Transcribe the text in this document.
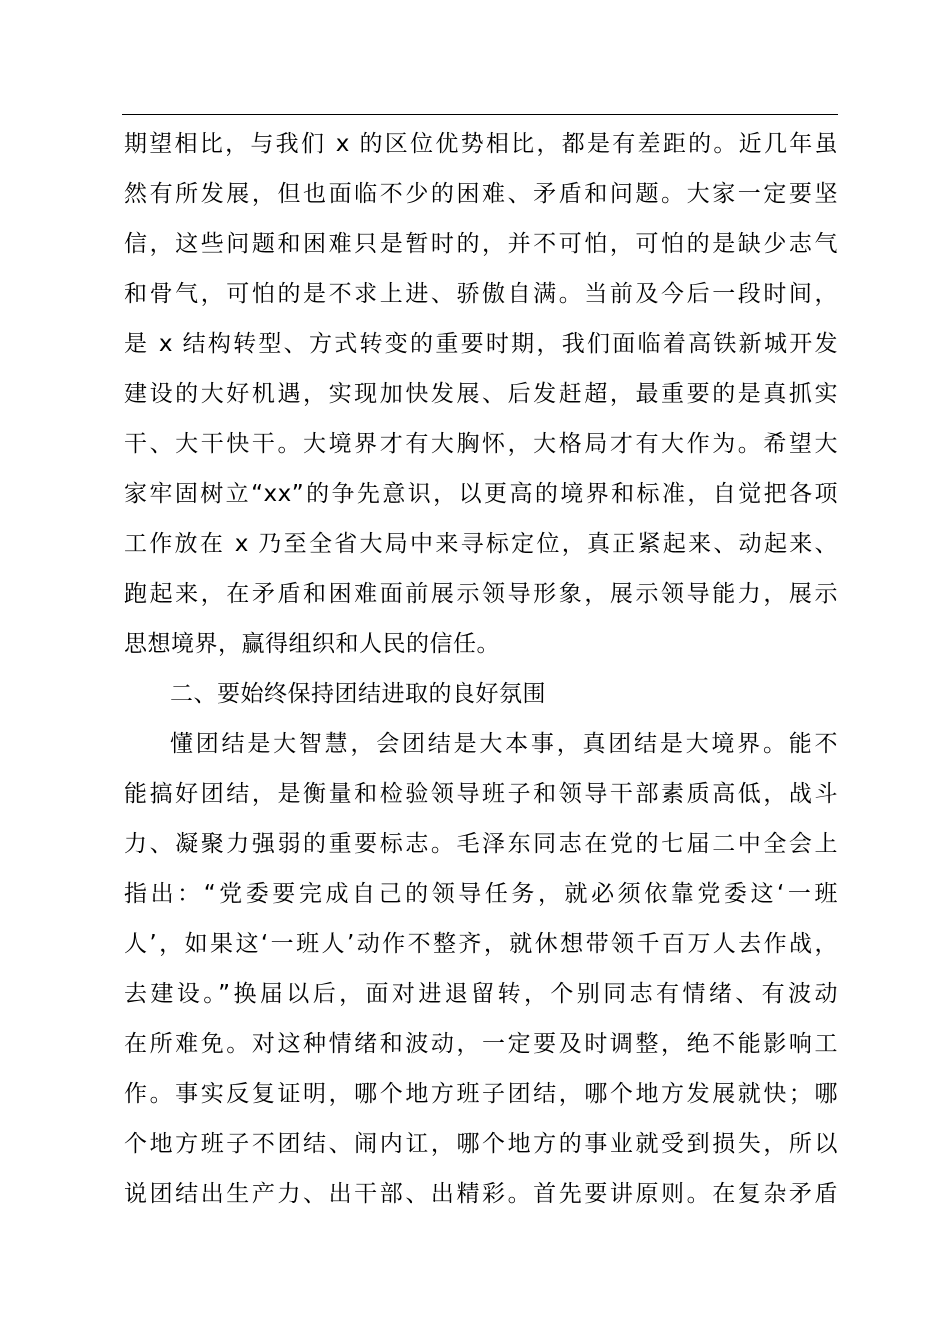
期望相比，与我们 x 的区位优势相比，都是有差距的。近几年虽
然有所发展，但也面临不少的困难、矛盾和问题。大家一定要坚
信，这些问题和困难只是暂时的，并不可怕，可怕的是缺少志气
和骨气，可怕的是不求上进、骄傲自满。当前及今后一段时间，
是 x 结构转型、方式转变的重要时期，我们面临着高铁新城开发
建设的大好机遇，实现加快发展、后发赶超，最重要的是真抓实
干、大干快干。大境界才有大胸怀，大格局才有大作为。希望大
家牢固树立“xx”的争先意识，以更高的境界和标准，自觉把各项
工作放在 x 乃至全省大局中来寻标定位，真正紧起来、动起来、
跑起来，在矛盾和困难面前展示领导形象，展示领导能力，展示
思想境界，赢得组织和人民的信任。
二、要始终保持团结进取的良好氛围
懂团结是大智慧，会团结是大本事，真团结是大境界。能不
能搞好团结，是衡量和检验领导班子和领导干部素质高低，战斗
力、凝聚力强弱的重要标志。毛泽东同志在党的七届二中全会上
指出：“党委要完成自己的领导任务，就必须依靠党委这‘一班
人’，如果这‘一班人’动作不整齐，就休想带领千百万人去作战，
去建设。”换届以后，面对进退留转，个别同志有情绪、有波动
在所难免。对这种情绪和波动，一定要及时调整，绝不能影响工
作。事实反复证明，哪个地方班子团结，哪个地方发展就快；哪
个地方班子不团结、闹内讧，哪个地方的事业就受到损失，所以
说团结出生产力、出干部、出精彩。首先要讲原则。在复杂矛盾
